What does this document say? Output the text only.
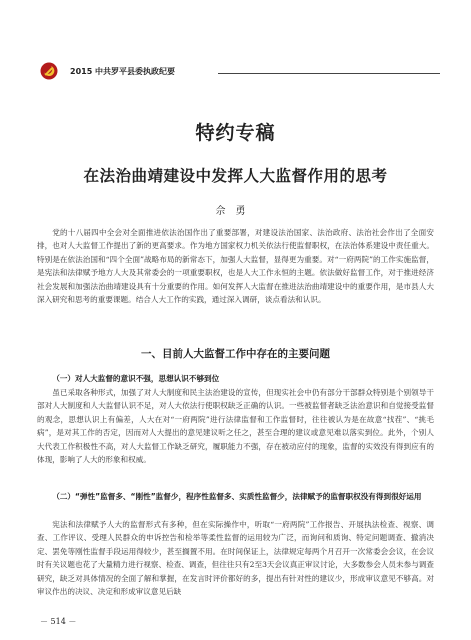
2015 中共罗平县委执政纪要
特约专稿
在法治曲靖建设中发挥人大监督作用的思考
佘勇

党的十八届四中全会对全面推进依法治国作出了重要部署，对建设法治国家、法治政府、法治社会作出了全面安排，也对人大监督工作提出了新的更高要求。作为地方国家权力机关依法行使监督职权，在法治体系建设中责任重大。特别是在依法治国和“四个全面”战略布局的新常态下，加强人大监督，显得更为重要。对“一府两院”的工作实施监督，是宪法和法律赋予地方人大及其常委会的一项重要职权，也是人大工作永恒的主题。依法做好监督工作，对于推进经济社会发展和加强法治曲靖建设具有十分重要的作用。如何发挥人大监督在推进法治曲靖建设中的重要作用，是市县人大深入研究和思考的重要课题。结合人大工作的实践，通过深入调研，谈点看法和认识。

一、目前人大监督工作中存在的主要问题

（一）对人大监督的意识不强，思想认识不够到位

虽已采取各种形式，加强了对人大制度和民主法治建设的宣传，但现实社会中仍有部分干部群众特别是个别领导干部对人大制度和人大监督认识不足，对人大依法行使职权缺乏正确的认识。一些被监督者缺乏法治意识和自觉接受监督的观念，思想认识上有偏差，人大在对“一府两院”进行法律监督和工作监督时，往往被认为是在故意“找茬”、“挑毛病”，是对其工作的否定，因而对人大提出的意见建议听之任之，甚至合理的建议或意见难以落实到位。此外，个别人大代表工作积极性不高，对人大监督工作缺乏研究，履职能力不强，存在被动应付的现象，监督的实效没有得到应有的体现，影响了人大的形象和权威。

（二）“弹性”监督多、“刚性”监督少，程序性监督多、实质性监督少，法律赋予的监督职权没有得到很好运用

宪法和法律赋予人大的监督形式有多种，但在实际操作中，听取“一府两院”工作报告、开展执法检查、视察、调查、工作评议、受理人民群众的申诉控告和检举等柔性监督的运用较为广泛，而询问和质询、特定问题调查、撤消决定、罢免等刚性监督手段运用得较少，甚至搁置不用。在时间保证上，法律规定每两个月召开一次常委会会议，在会议时有关议题也花了大量精力进行视察、检查、调查，但往往只有2至3天会议真正审议讨论，大多数参会人员未参与调查研究，缺乏对具体情况的全面了解和掌握，在发言时评价都好的多，提出有针对性的建议少，形成审议意见不够高。对审议作出的决议、决定和形成审议意见后缺

－ 514 －
